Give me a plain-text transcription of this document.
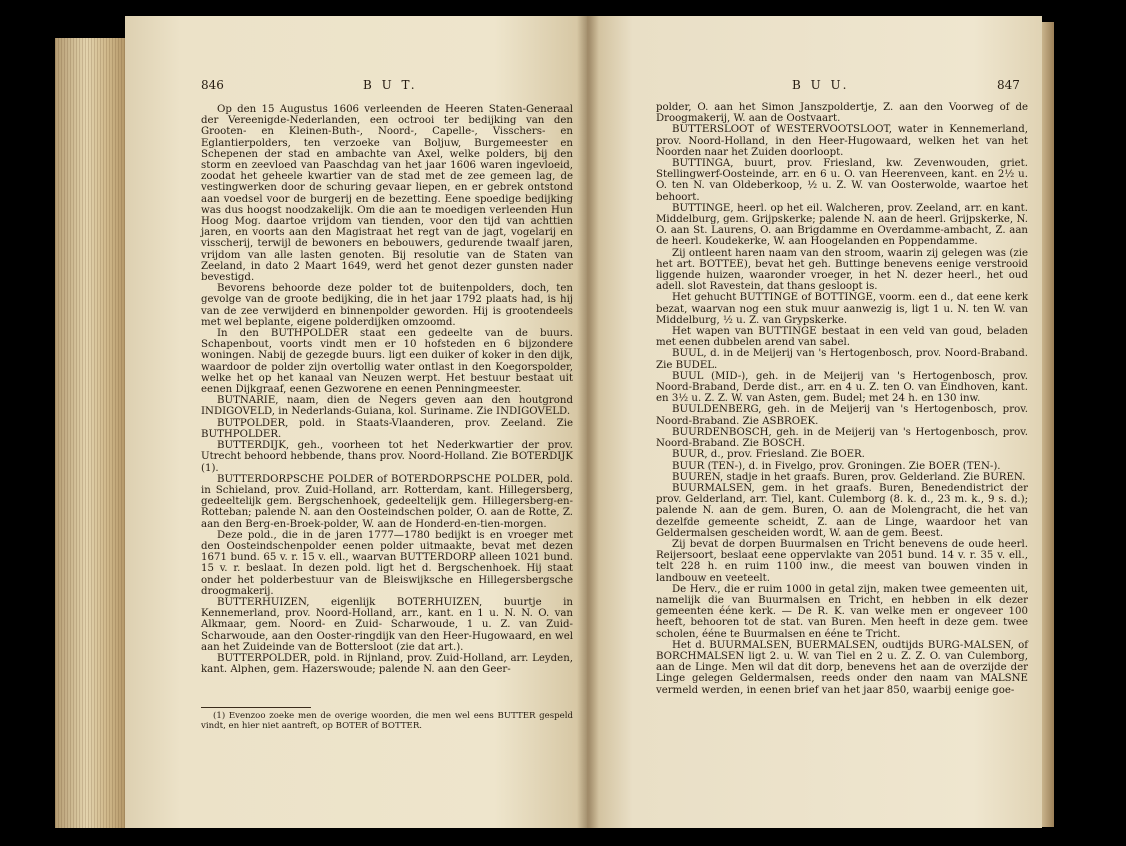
846	B U T.

Op den 15 Augustus 1606 verleenden de Heeren Staten-Generaal der Vereenigde-Nederlanden, een octrooi ter bedijking van den Grooten- en Kleinen-Buth-, Noord-, Capelle-, Visschers- en Eglantierpolders, ten verzoeke van Boljuw, Burgemeester en Schepenen der stad en ambachte van Axel, welke polders, bij den storm en zeevloed van Paaschdag van het jaar 1606 waren ingevloeid, zoodat het geheele kwartier van de stad met de zee gemeen lag, de vestingwerken door de schuring gevaar liepen, en er gebrek ontstond aan voedsel voor de burgerij en de bezetting. Eene spoedige bedijking was dus hoogst noodzakelijk. Om die aan te moedigen verleenden Hun Hoog Mog. daartoe vrijdom van tienden, voor den tijd van achttien jaren, en voorts aan den Magistraat het regt van de jagt, vogelarij en visscherij, terwijl de bewoners en bebouwers, gedurende twaalf jaren, vrijdom van alle lasten genoten. Bij resolutie van de Staten van Zeeland, in dato 2 Maart 1649, werd het genot dezer gunsten nader bevestigd.

Bevorens behoorde deze polder tot de buitenpolders, doch, ten gevolge van de groote bedijking, die in het jaar 1792 plaats had, is hij van de zee verwijderd en binnenpolder geworden. Hij is grootendeels met wel beplante, eigene polderdijken omzoomd.

In den BUTHPOLDER staat een gedeelte van de buurs. Schapenbout, voorts vindt men er 10 hofsteden en 6 bijzondere woningen. Nabij de gezegde buurs. ligt een duiker of koker in den dijk, waardoor de polder zijn overtollig water ontlast in den Koegorspolder, welke het op het kanaal van Neuzen werpt. Het bestuur bestaat uit eenen Dijkgraaf, eenen Gezworene en eenen Penningmeester.

BUTNARIE, naam, dien de Negers geven aan den houtgrond INDIGOVELD, in Nederlands-Guiana, kol. Suriname. Zie INDIGOVELD.

BUTPOLDER, pold. in Staats-Vlaanderen, prov. Zeeland. Zie BUTHPOLDER.

BUTTERDIJK, geh., voorheen tot het Nederkwartier der prov. Utrecht behoord hebbende, thans prov. Noord-Holland. Zie BOTERDIJK (1).

BUTTERDORPSCHE POLDER of BOTERDORPSCHE POLDER, pold. in Schieland, prov. Zuid-Holland, arr. Rotterdam, kant. Hillegersberg, gedeeltelijk gem. Bergschenhoek, gedeeltelijk gem. Hillegersberg-en-Rotteban; palende N. aan den Oosteindschen polder, O. aan de Rotte, Z. aan den Berg-en-Broek-polder, W. aan de Honderd-en-tien-morgen.

Deze pold., die in de jaren 1777—1780 bedijkt is en vroeger met den Oosteindschenpolder eenen polder uitmaakte, bevat met dezen 1671 bund. 65 v. r. 15 v. ell., waarvan BUTTERDORP alleen 1021 bund. 15 v. r. beslaat. In dezen pold. ligt het d. Bergschenhoek. Hij staat onder het polderbestuur van de Bleiswijksche en Hillegersbergsche droogmakerij.

BUTTERHUIZEN, eigenlijk BOTERHUIZEN, buurtje in Kennemerland, prov. Noord-Holland, arr., kant. en 1 u. N. N. O. van Alkmaar, gem. Noord- en Zuid- Scharwoude, 1 u. Z. van Zuid-Scharwoude, aan den Ooster-ringdijk van den Heer-Hugowaard, en wel aan het Zuideinde van de Bottersloot (zie dat art.).

BUTTERPOLDER, pold. in Rijnland, prov. Zuid-Holland, arr. Leyden, kant. Alphen, gem. Hazerswoude; palende N. aan den Geer-

(1) Evenzoo zoeke men de overige woorden, die men wel eens BUTTER gespeld vindt, en hier niet aantreft, op BOTER of BOTTER.

B U U.	847

polder, O. aan het Simon Janszpoldertje, Z. aan den Voorweg of de Droogmakerij, W. aan de Oostvaart.

BUTTERSLOOT of WESTERVOOTSLOOT, water in Kennemerland, prov. Noord-Holland, in den Heer-Hugowaard, welken het van het Noorden naar het Zuiden doorloopt.

BUTTINGA, buurt, prov. Friesland, kw. Zevenwouden, griet. Stellingwerf-Oosteinde, arr. en 6 u. O. van Heerenveen, kant. en 2½ u. O. ten N. van Oldeberkoop, ½ u. Z. W. van Oosterwolde, waartoe het behoort.

BUTTINGE, heerl. op het eil. Walcheren, prov. Zeeland, arr. en kant. Middelburg, gem. Grijpskerke; palende N. aan de heerl. Grijpskerke, N. O. aan St. Laurens, O. aan Brigdamme en Overdamme-ambacht, Z. aan de heerl. Koudekerke, W. aan Hoogelanden en Poppendamme.

Zij ontleent haren naam van den stroom, waarin zij gelegen was (zie het art. BOTTEE), bevat het geh. Buttinge benevens eenige verstrooid liggende huizen, waaronder vroeger, in het N. dezer heerl., het oud adell. slot Ravestein, dat thans gesloopt is.

Het gehucht BUTTINGE of BOTTINGE, voorm. een d., dat eene kerk bezat, waarvan nog een stuk muur aanwezig is, ligt 1 u. N. ten W. van Middelburg, ½ u. Z. van Grypskerke.

Het wapen van BUTTINGE bestaat in een veld van goud, beladen met eenen dubbelen arend van sabel.

BUUL, d. in de Meijerij van 's Hertogenbosch, prov. Noord-Braband. Zie BUDEL.

BUUL (MID-), geh. in de Meijerij van 's Hertogenbosch, prov. Noord-Braband, Derde dist., arr. en 4 u. Z. ten O. van Eindhoven, kant. en 3½ u. Z. Z. W. van Asten, gem. Budel; met 24 h. en 130 inw.

BUULDENBERG, geh. in de Meijerij van 's Hertogenbosch, prov. Noord-Braband. Zie ASBROEK.

BUURDENBOSCH, geh. in de Meijerij van 's Hertogenbosch, prov. Noord-Braband. Zie BOSCH.

BUUR, d., prov. Friesland. Zie BOER.

BUUR (TEN-), d. in Fivelgo, prov. Groningen. Zie BOER (TEN-).

BUUREN, stadje in het graafs. Buren, prov. Gelderland. Zie BUREN.

BUURMALSEN, gem. in het graafs. Buren, Benedendistrict der prov. Gelderland, arr. Tiel, kant. Culemborg (8. k. d., 23 m. k., 9 s. d.); palende N. aan de gem. Buren, O. aan de Molengracht, die het van dezelfde gemeente scheidt, Z. aan de Linge, waardoor het van Geldermalsen gescheiden wordt, W. aan de gem. Beest.

Zij bevat de dorpen Buurmalsen en Tricht benevens de oude heerl. Reijersoort, beslaat eene oppervlakte van 2051 bund. 14 v. r. 35 v. ell., telt 228 h. en ruim 1100 inw., die meest van bouwen vinden in landbouw en veeteelt.

De Herv., die er ruim 1000 in getal zijn, maken twee gemeenten uit, namelijk die van Buurmalsen en Tricht, en hebben in elk dezer gemeenten ééne kerk. — De R. K. van welke men er ongeveer 100 heeft, behooren tot de stat. van Buren. Men heeft in deze gem. twee scholen, ééne te Buurmalsen en ééne te Tricht.

Het d. BUURMALSEN, BUERMALSEN, oudtijds BURG-MALSEN, of BORCHMALSEN ligt 2. u. W. van Tiel en 2 u. Z. Z. O. van Culemborg, aan de Linge. Men wil dat dit dorp, benevens het aan de overzijde der Linge gelegen Geldermalsen, reeds onder den naam van MALSNE vermeld werden, in eenen brief van het jaar 850, waarbij eenige goe-
